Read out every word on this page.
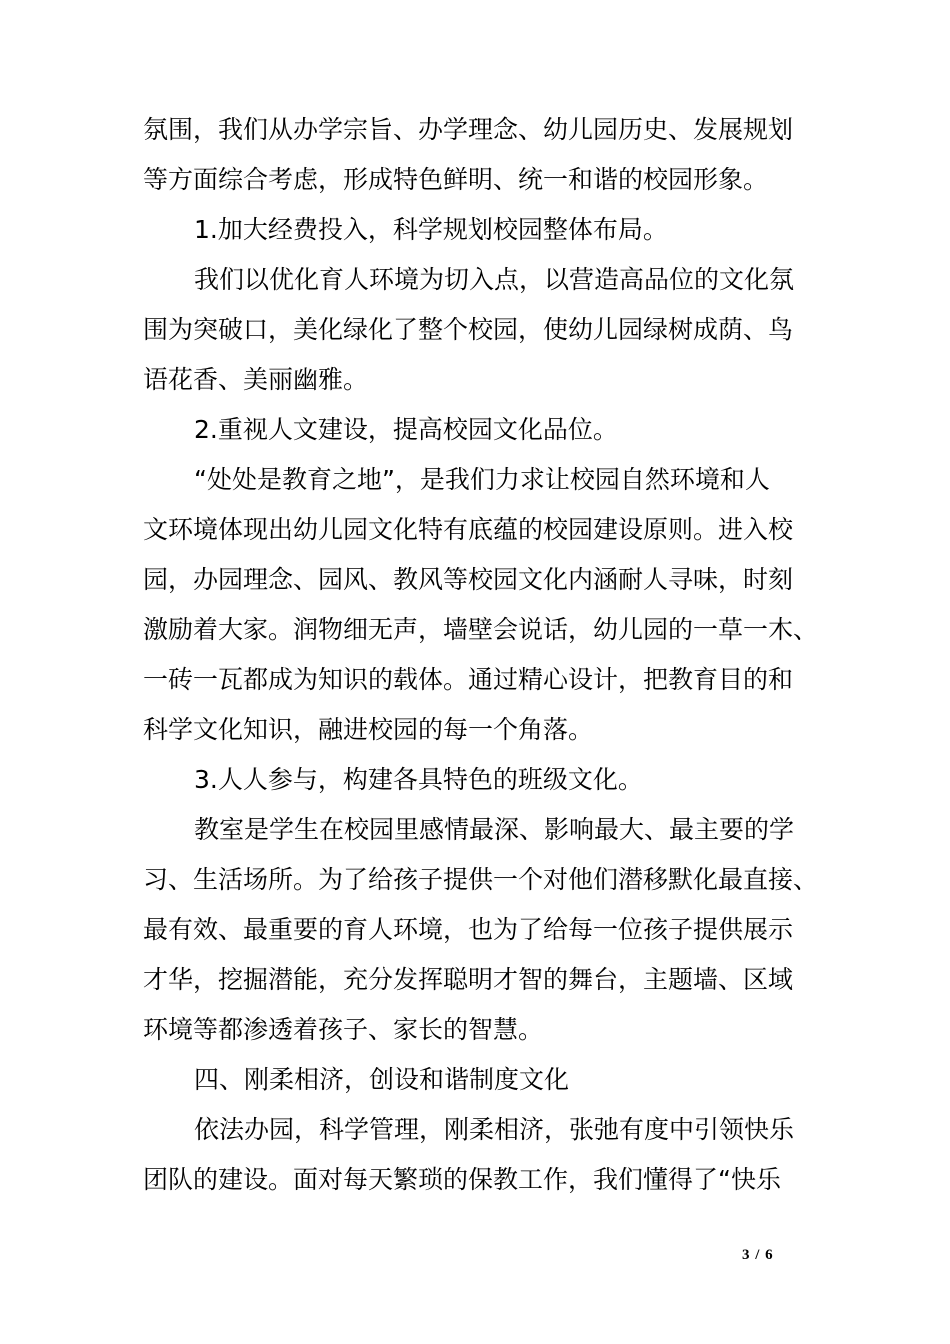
氛围，我们从办学宗旨、办学理念、幼儿园历史、发展规划
等方面综合考虑，形成特色鲜明、统一和谐的校园形象。
1.加大经费投入，科学规划校园整体布局。
我们以优化育人环境为切入点，以营造高品位的文化氛
围为突破口，美化绿化了整个校园，使幼儿园绿树成荫、鸟
语花香、美丽幽雅。
2.重视人文建设，提高校园文化品位。
“处处是教育之地”，是我们力求让校园自然环境和人
文环境体现出幼儿园文化特有底蕴的校园建设原则。进入校
园，办园理念、园风、教风等校园文化内涵耐人寻味，时刻
激励着大家。润物细无声，墙壁会说话，幼儿园的一草一木、
一砖一瓦都成为知识的载体。通过精心设计，把教育目的和
科学文化知识，融进校园的每一个角落。
3.人人参与，构建各具特色的班级文化。
教室是学生在校园里感情最深、影响最大、最主要的学
习、生活场所。为了给孩子提供一个对他们潜移默化最直接、
最有效、最重要的育人环境，也为了给每一位孩子提供展示
才华，挖掘潜能，充分发挥聪明才智的舞台，主题墙、区域
环境等都渗透着孩子、家长的智慧。
四、刚柔相济，创设和谐制度文化
依法办园，科学管理，刚柔相济，张弛有度中引领快乐
团队的建设。面对每天繁琐的保教工作，我们懂得了“快乐
3 / 6
